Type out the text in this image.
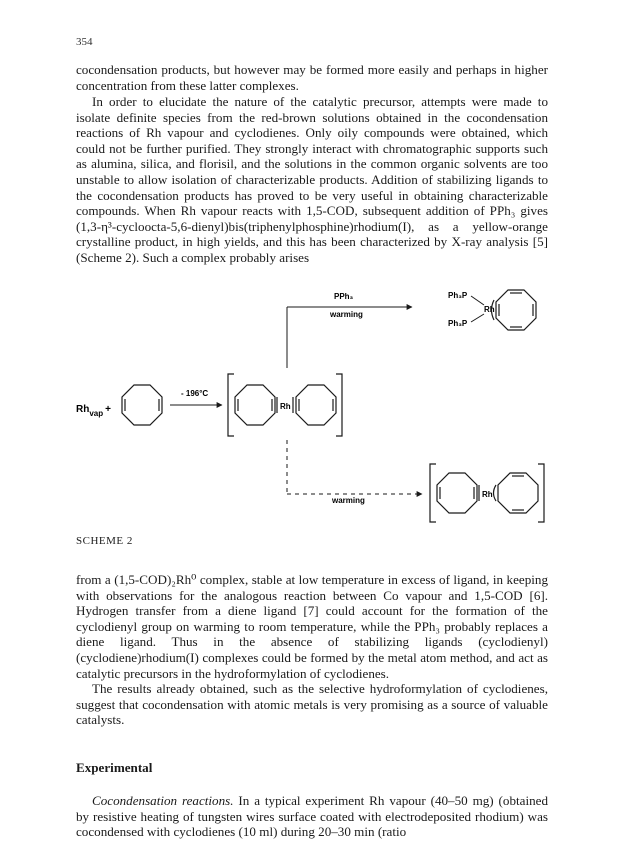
354

cocondensation products, but however may be formed more easily and perhaps in higher concentration from these latter complexes.

In order to elucidate the nature of the catalytic precursor, attempts were made to isolate definite species from the red-brown solutions obtained in the cocondensation reactions of Rh vapour and cyclodienes. Only oily compounds were obtained, which could not be further purified. They strongly interact with chromatographic supports such as alumina, silica, and florisil, and the solutions in the common organic solvents are too unstable to allow isolation of characterizable products. Addition of stabilizing ligands to the cocondensation products has proved to be very useful in obtaining characterizable compounds. When Rh vapour reacts with 1,5-COD, subsequent addition of PPh₃ gives (1,3-η³-cycloocta-5,6-dienyl)bis(triphenylphosphine)rhodium(I), as a yellow-orange crystalline product, in high yields, and this has been characterized by X-ray analysis [5] (Scheme 2). Such a complex probably arises

$Rh_{vap}$ +
- 196°C
Rh
PPh₃
warming
Ph₃P
Ph₃P
Rh
warming
Rh
SCHEME 2

from a (1,5-COD)₂Rh⁰ complex, stable at low temperature in excess of ligand, in keeping with observations for the analogous reaction between Co vapour and 1,5-COD [6]. Hydrogen transfer from a diene ligand [7] could account for the formation of the cyclodienyl group on warming to room temperature, while the PPh₃ probably replaces a diene ligand. Thus in the absence of stabilizing ligands (cyclodienyl)(cyclodiene)rhodium(I) complexes could be formed by the metal atom method, and act as catalytic precursors in the hydroformylation of cyclodienes.

The results already obtained, such as the selective hydroformylation of cyclodienes, suggest that cocondensation with atomic metals is very promising as a source of valuable catalysts.

Experimental

Cocondensation reactions. In a typical experiment Rh vapour (40–50 mg) (obtained by resistive heating of tungsten wires surface coated with electrodeposited rhodium) was cocondensed with cyclodienes (10 ml) during 20–30 min (ratio
